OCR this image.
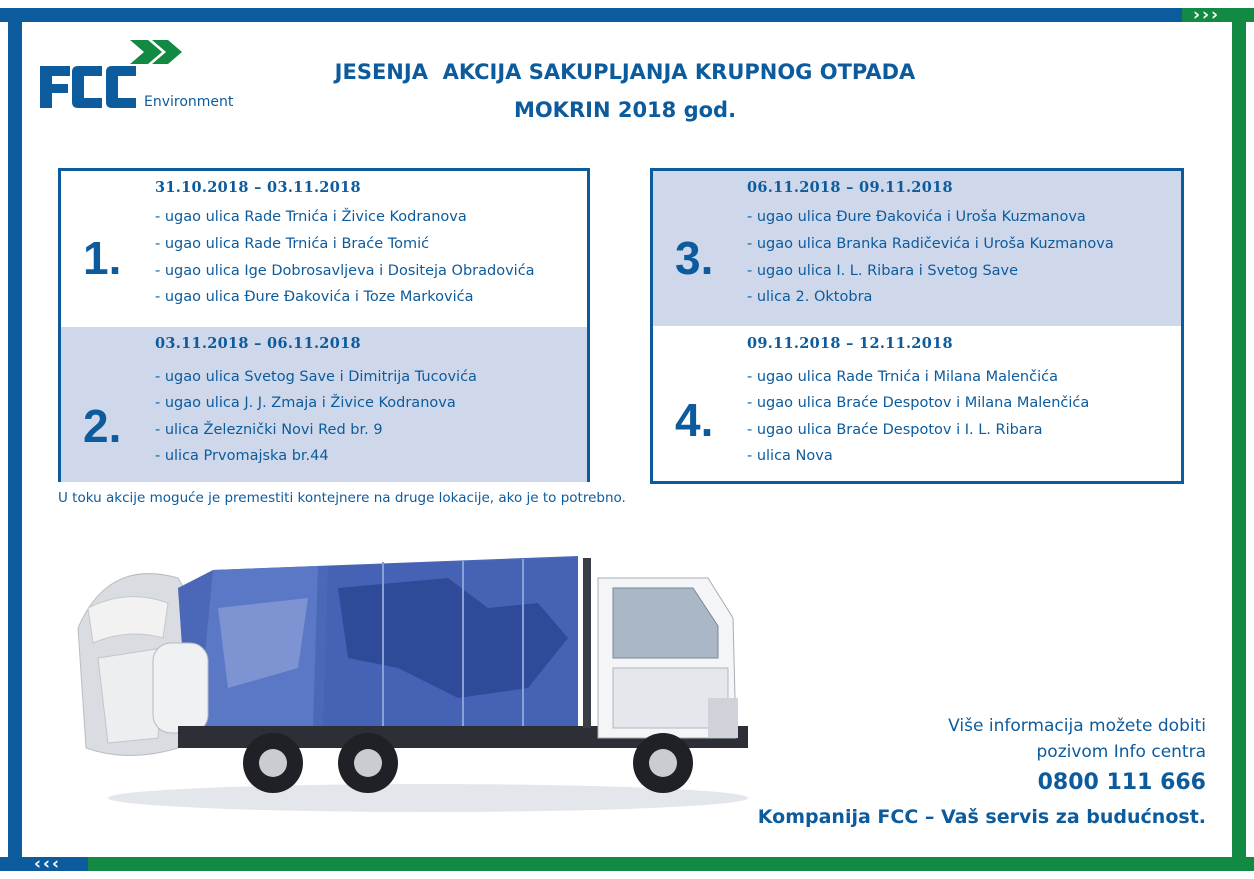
›››
‹‹‹
Environment
JESENJA  AKCIJA SAKUPLJANJA KRUPNOG OTPADA
MOKRIN 2018 god.
1.
31.10.2018 – 03.11.2018
- ugao ulica Rade Trnića i Živice Kodranova
- ugao ulica Rade Trnića i Braće Tomić
- ugao ulica Ige Dobrosavljeva i Dositeja Obradovića
- ugao ulica Đure Đakovića i Toze Markovića
2.
03.11.2018 – 06.11.2018
- ugao ulica Svetog Save i Dimitrija Tucovića
- ugao ulica J. J. Zmaja i Živice Kodranova
- ulica Železnički Novi Red br. 9
- ulica Prvomajska br.44
3.
06.11.2018 – 09.11.2018
- ugao ulica Đure Đakovića i Uroša Kuzmanova
- ugao ulica Branka Radičevića i Uroša Kuzmanova
- ugao ulica I. L. Ribara i Svetog Save
- ulica 2. Oktobra
4.
09.11.2018 – 12.11.2018
- ugao ulica Rade Trnića i Milana Malenčića
- ugao ulica Braće Despotov i Milana Malenčića
- ugao ulica Braće Despotov i I. L. Ribara
- ulica Nova
U toku akcije moguće je premestiti kontejnere na druge lokacije, ako je to potrebno.
Više informacija možete dobiti
pozivom Info centra
0800 111 666
Kompanija FCC – Vaš servis za budućnost.
